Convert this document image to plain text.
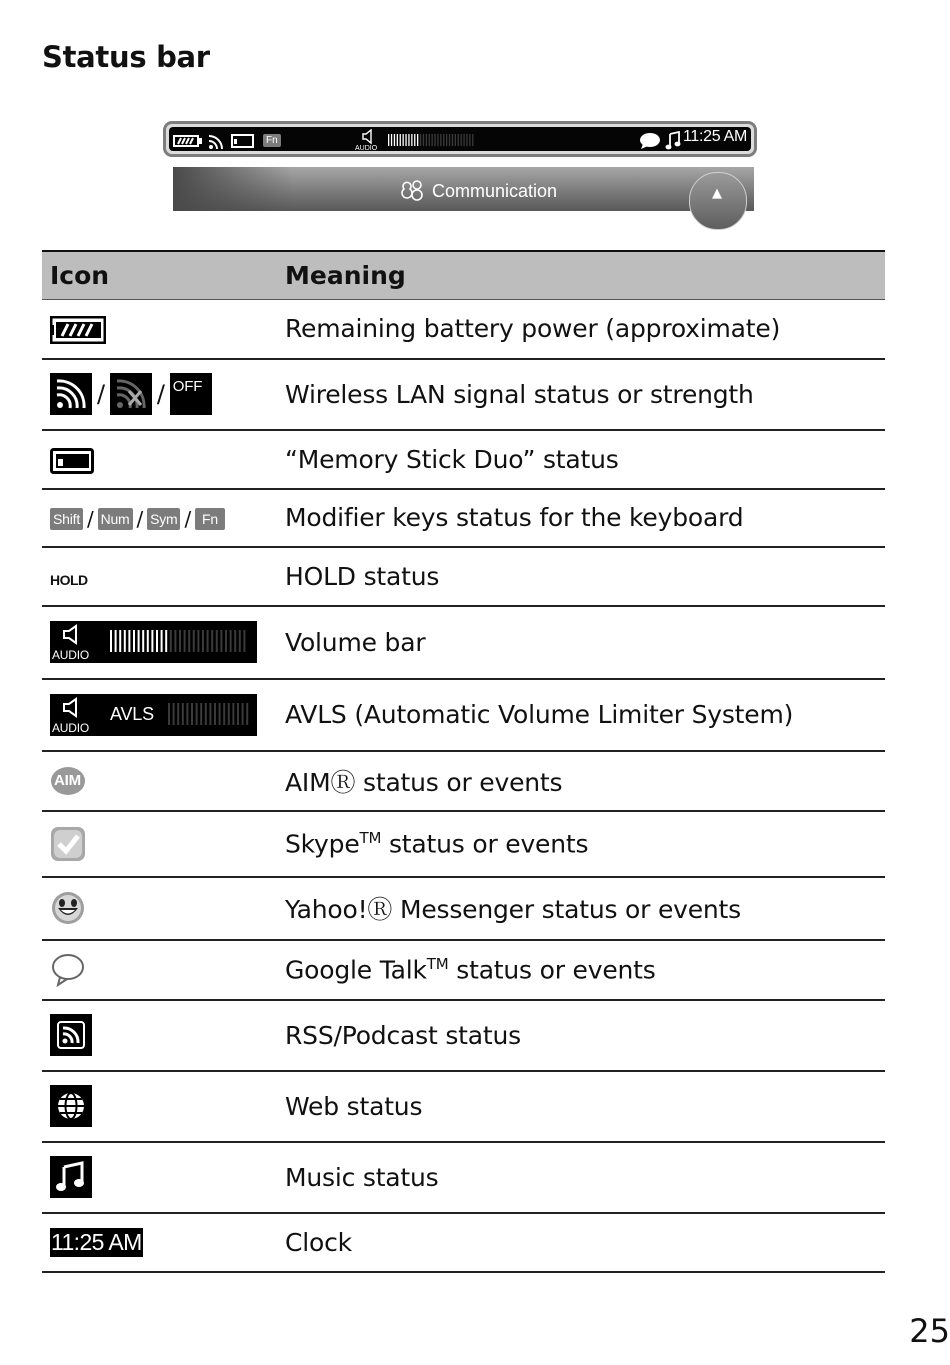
Status bar
Fn
AUDIO
11:25 AM
Communication	▲
Icon	Meaning
	Remaining battery power (approximate)
/ / OFF	Wireless LAN signal status or strength
	“Memory Stick Duo” status
Shift / Num / Sym / Fn	Modifier keys status for the keyboard
HOLD	HOLD status

AUDIO	Volume bar

AUDIO
AVLS	AVLS (Automatic Volume Limiter System)

AIM	AIMⓇ status or events
	Skype™ status or events
	Yahoo!Ⓡ Messenger status or events
	Google Talk™ status or events
	RSS/Podcast status
	Web status
	Music status
11:25 AM	Clock
25
